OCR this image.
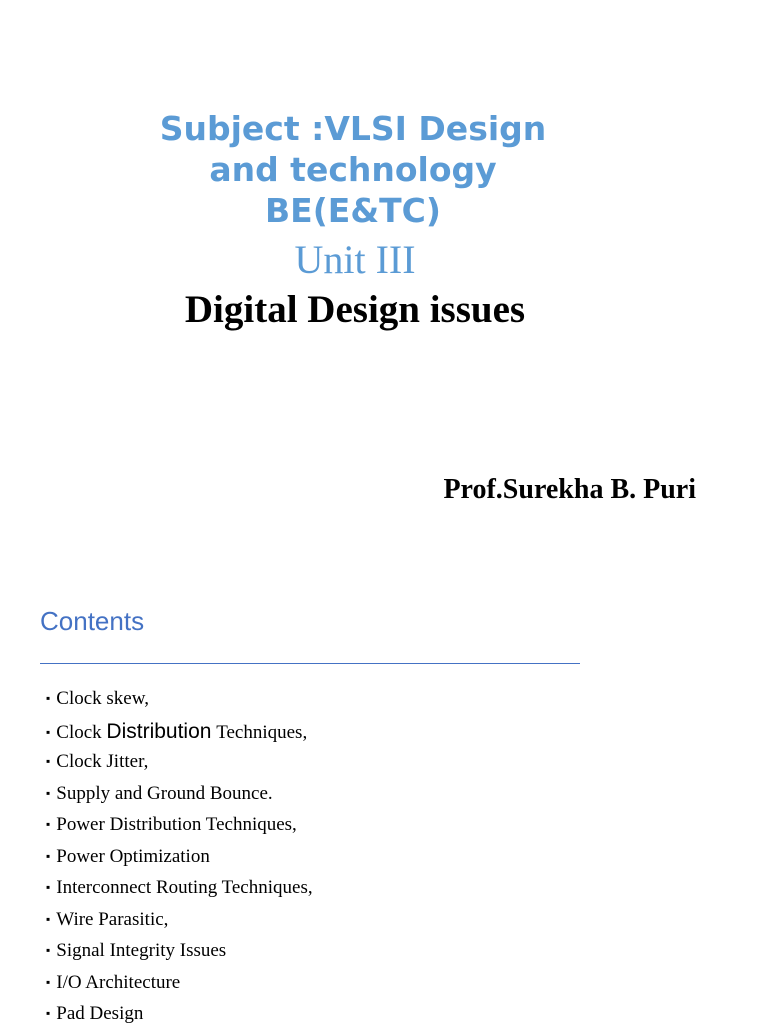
Subject :VLSI Design
and technology
BE(E&TC)
Unit III
Digital Design issues
Prof.Surekha B. Puri
Contents
▪ Clock skew,
▪ Clock
Distribution
Techniques,
▪ Clock Jitter,
▪ Supply and Ground Bounce.
▪ Power Distribution Techniques,
▪ Power Optimization
▪ Interconnect Routing Techniques,
▪ Wire Parasitic,
▪ Signal Integrity Issues
▪ I/O Architecture
▪ Pad Design
